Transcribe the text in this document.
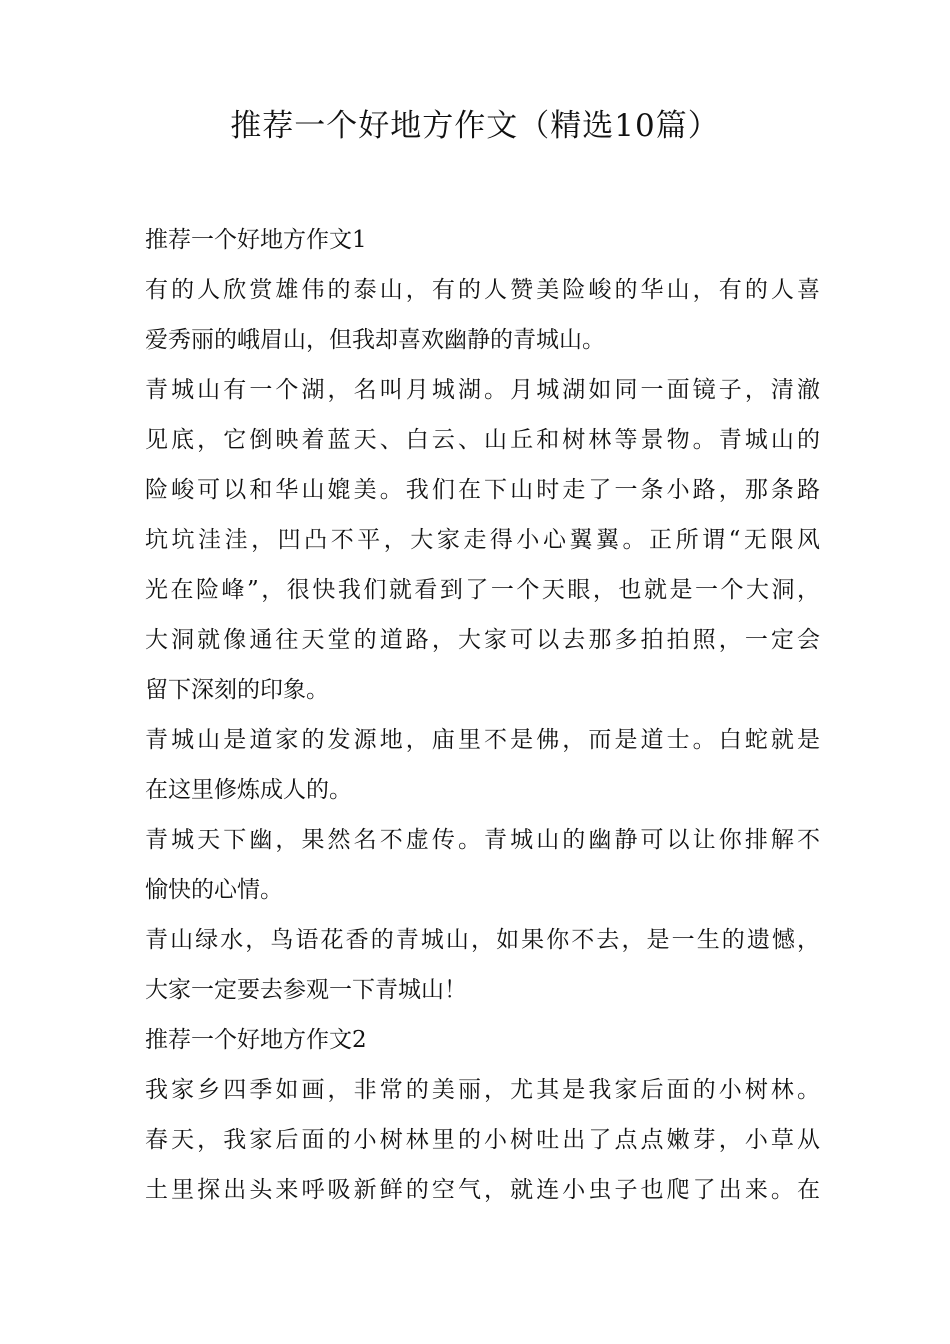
推荐一个好地方作文（精选10篇）
推荐一个好地方作文1
有的人欣赏雄伟的泰山，有的人赞美险峻的华山，有的人喜
爱秀丽的峨眉山，但我却喜欢幽静的青城山。
青城山有一个湖，名叫月城湖。月城湖如同一面镜子，清澈
见底，它倒映着蓝天、白云、山丘和树林等景物。青城山的
险峻可以和华山媲美。我们在下山时走了一条小路，那条路
坑坑洼洼，凹凸不平，大家走得小心翼翼。正所谓“无限风
光在险峰”，很快我们就看到了一个天眼，也就是一个大洞，
大洞就像通往天堂的道路，大家可以去那多拍拍照，一定会
留下深刻的印象。
青城山是道家的发源地，庙里不是佛，而是道士。白蛇就是
在这里修炼成人的。
青城天下幽，果然名不虚传。青城山的幽静可以让你排解不
愉快的心情。
青山绿水，鸟语花香的青城山，如果你不去，是一生的遗憾，
大家一定要去参观一下青城山！
推荐一个好地方作文2
我家乡四季如画，非常的美丽，尤其是我家后面的小树林。
春天，我家后面的小树林里的小树吐出了点点嫩芽，小草从
土里探出头来呼吸新鲜的空气，就连小虫子也爬了出来。在
